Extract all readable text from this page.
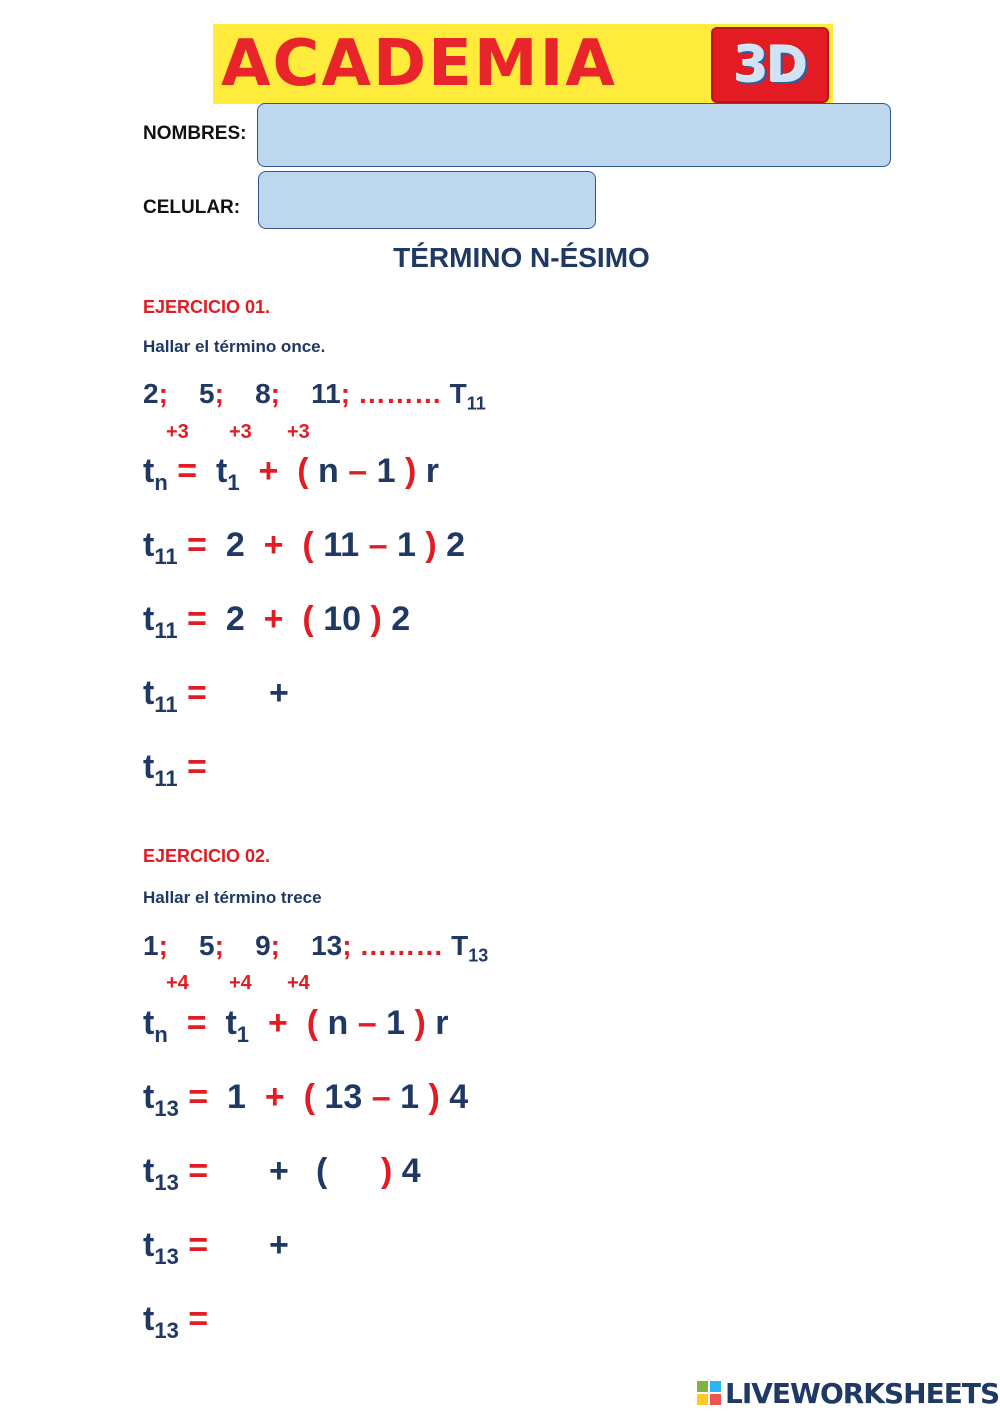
ACADEMIA	3D
NOMBRES:
CELULAR:
TÉRMINO N-ÉSIMO
EJERCICIO 01.
Hallar el término once.
2; 5; 8; 11; ……… $T_{11}$
+3 +3 +3
$t_n = t_1$ + ( n – 1 ) r
$t_{11} = 2$ + ( 11 – 1 ) 2
$t_{11} = 2$ + ( 10 ) 2
$t_{11}$ = +
$t_{11}$ =
EJERCICIO 02.
Hallar el término trece
1; 5; 9; 13; ……… $T_{13}$
+4 +4 +4
$t_n = t_1$ + ( n – 1 ) r
$t_{13} = 1$ + ( 13 – 1 ) 4
$t_{13}$ = + ( ) 4
$t_{13}$ = +
$t_{13}$ =
LIVEWORKSHEETS
